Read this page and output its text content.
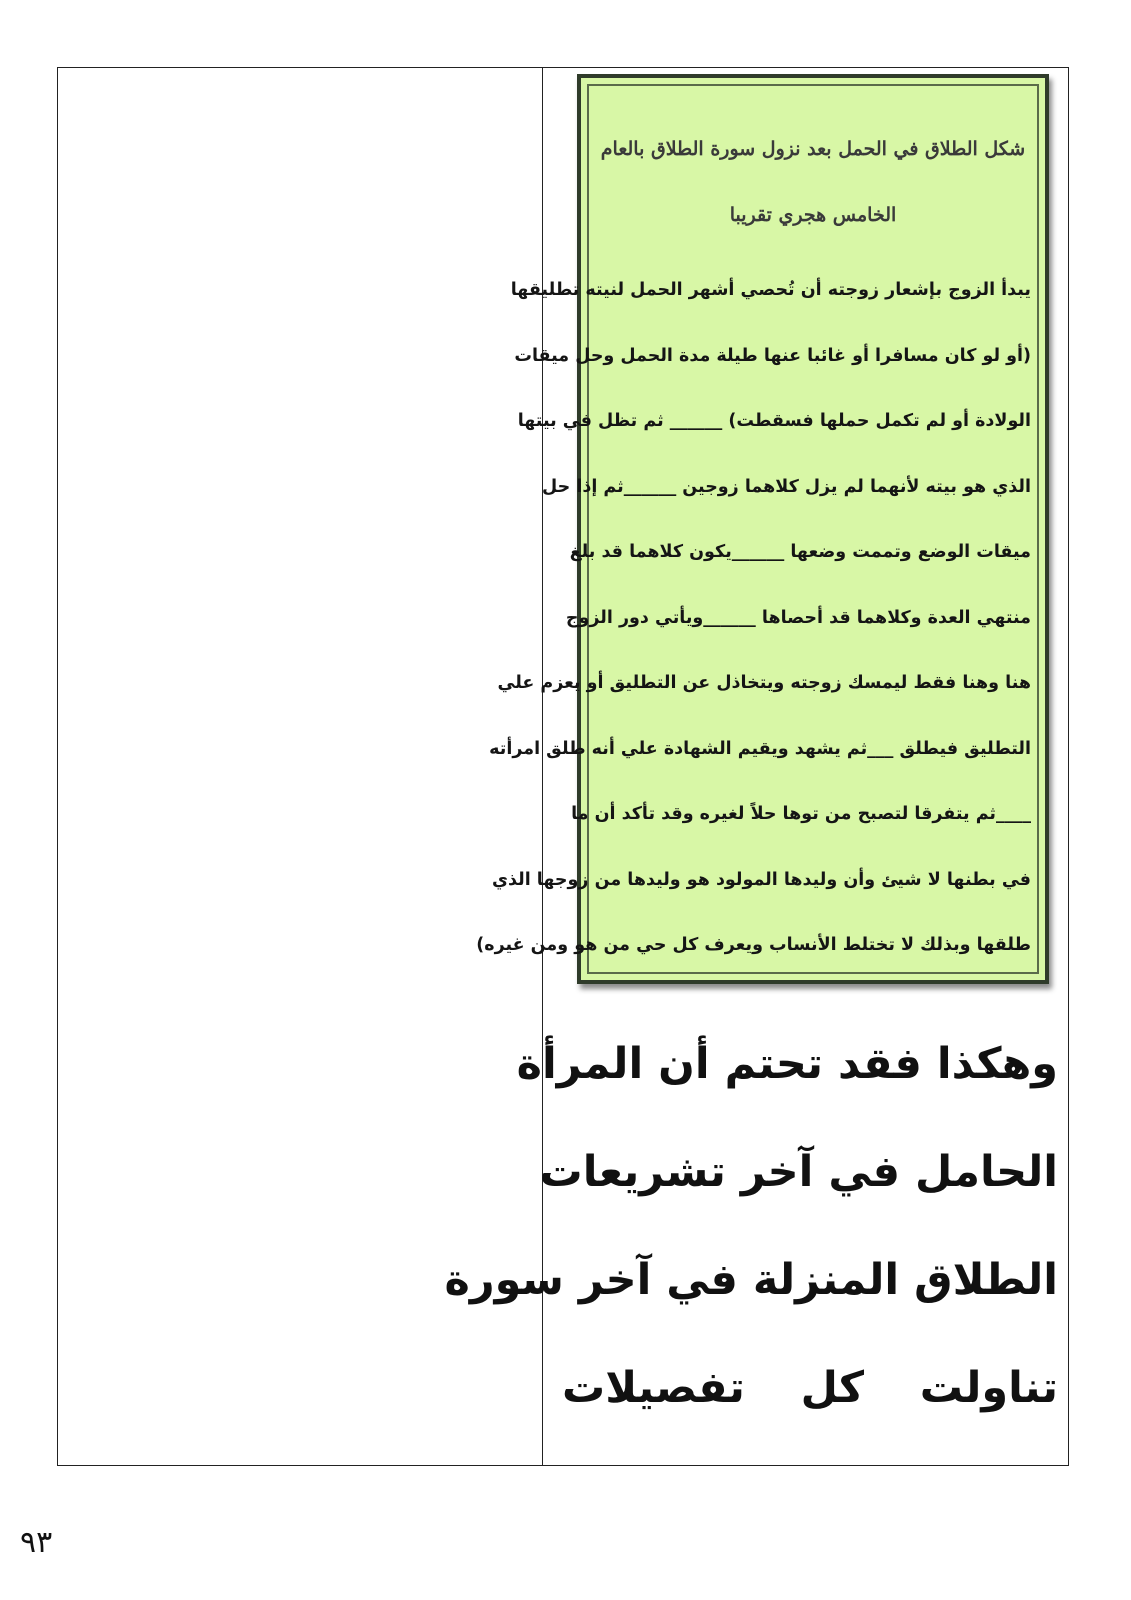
شكل الطلاق في الحمل بعد نزول سورة الطلاق بالعام الخامس هجري تقريبا
يبدأ الزوج بإشعار زوجته أن تُحصي أشهر الحمل لنيته تطليقها
(أو لو كان مسافرا أو غائبا عنها طيلة مدة الحمل وحل ميقات
الولادة أو لم تكمل حملها فسقطت) ______ ثم تظل في بيتها
الذي هو بيته لأنهما لم يزل كلاهما زوجين ______ثم إذا حل
ميقات الوضع وتممت وضعها ______يكون كلاهما قد بلغ
منتهي العدة وكلاهما قد أحصاها ______ويأتي دور الزوج
هنا وهنا فقط ليمسك زوجته ويتخاذل عن التطليق أو يعزم علي
التطليق فيطلق ___ثم يشهد ويقيم الشهادة علي أنه طلق امرأته
____ثم يتفرقا لتصبح من توها حلاً لغيره وقد تأكد أن ما
في بطنها لا شيئ وأن وليدها المولود هو وليدها من زوجها الذي
طلقها وبذلك لا تختلط الأنساب ويعرف كل حي من هو ومن غيره)
وهكذا فقد تحتم أن المرأة
الحامل في آخر تشريعات
الطلاق المنزلة في آخر سورة
تناولت كل تفصيلات
٩٣
